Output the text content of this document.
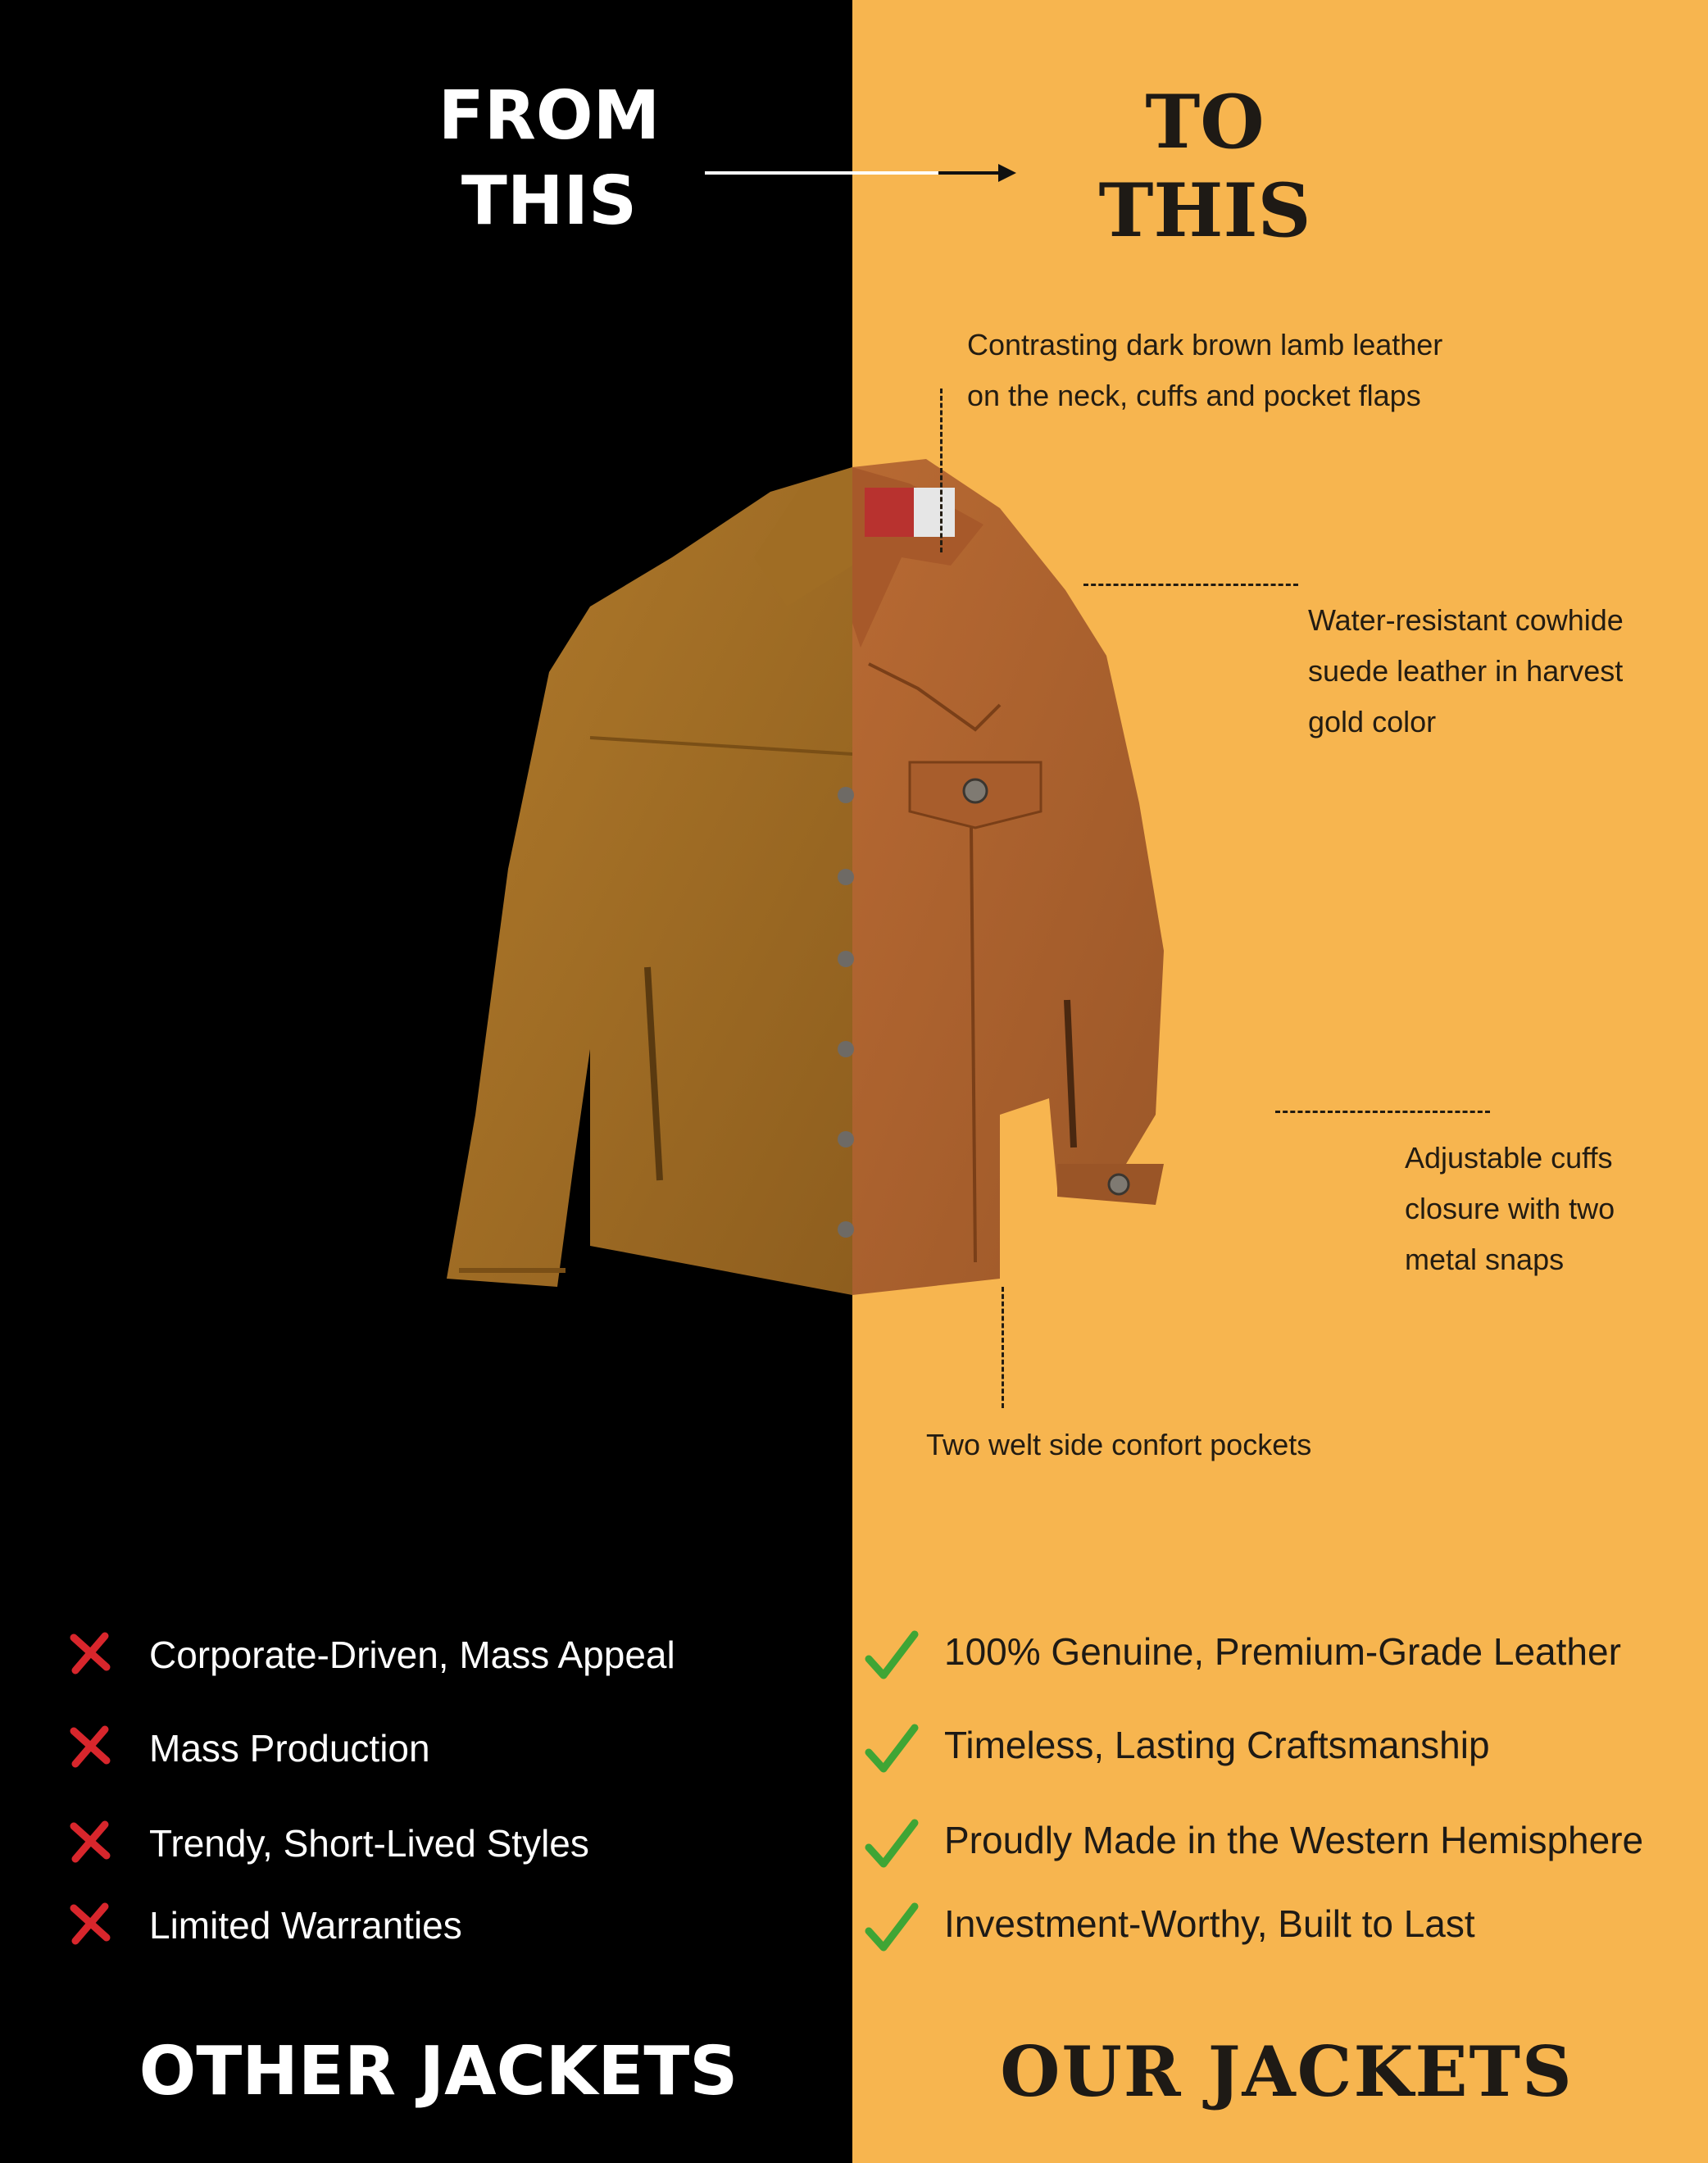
FROM
THIS
TO
THIS
Contrasting dark brown lamb leather
on the neck, cuffs and pocket flaps
Water-resistant cowhide
suede leather in harvest
gold color
Adjustable cuffs
closure with two
metal snaps
Two welt side confort pockets
Corporate-Driven, Mass Appeal
Mass Production
Trendy, Short-Lived Styles
Limited Warranties
100% Genuine, Premium-Grade Leather
Timeless, Lasting Craftsmanship
Proudly Made in the Western Hemisphere
Investment-Worthy, Built to Last
OTHER JACKETS	OUR JACKETS
